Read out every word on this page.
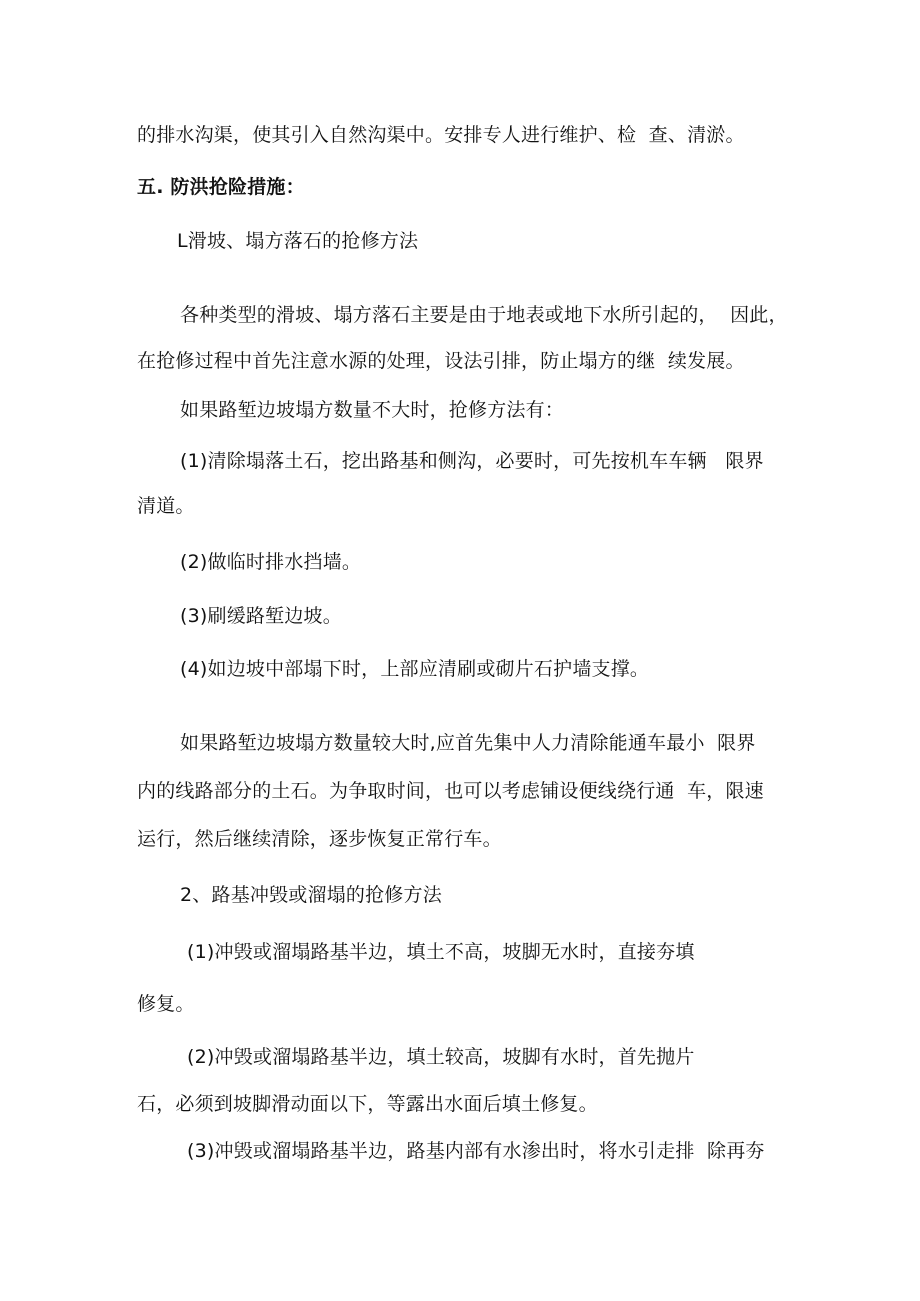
的排水沟渠，使其引入自然沟渠中。安排专人进行维护、检  查、清淤。
五. 防洪抢险措施：
L滑坡、塌方落石的抢修方法
各种类型的滑坡、塌方落石主要是由于地表或地下水所引起的，  因此，
在抢修过程中首先注意水源的处理，设法引排，防止塌方的继  续发展。
如果路堑边坡塌方数量不大时，抢修方法有：
(1)清除塌落土石，挖出路基和侧沟，必要时，可先按机车车辆   限界
清道。
(2)做临时排水挡墙。
(3)刷缓路堑边坡。
(4)如边坡中部塌下时，上部应清刷或砌片石护墙支撑。
如果路堑边坡塌方数量较大时,应首先集中人力清除能通车最小  限界
内的线路部分的土石。为争取时间，也可以考虑铺设便线绕行通  车，限速
运行，然后继续清除，逐步恢复正常行车。
2、路基冲毁或溜塌的抢修方法
(1)冲毁或溜塌路基半边，填土不高，坡脚无水时，直接夯填
修复。
(2)冲毁或溜塌路基半边，填土较高，坡脚有水时，首先抛片
石，必须到坡脚滑动面以下，等露出水面后填土修复。
(3)冲毁或溜塌路基半边，路基内部有水渗出时，将水引走排  除再夯
